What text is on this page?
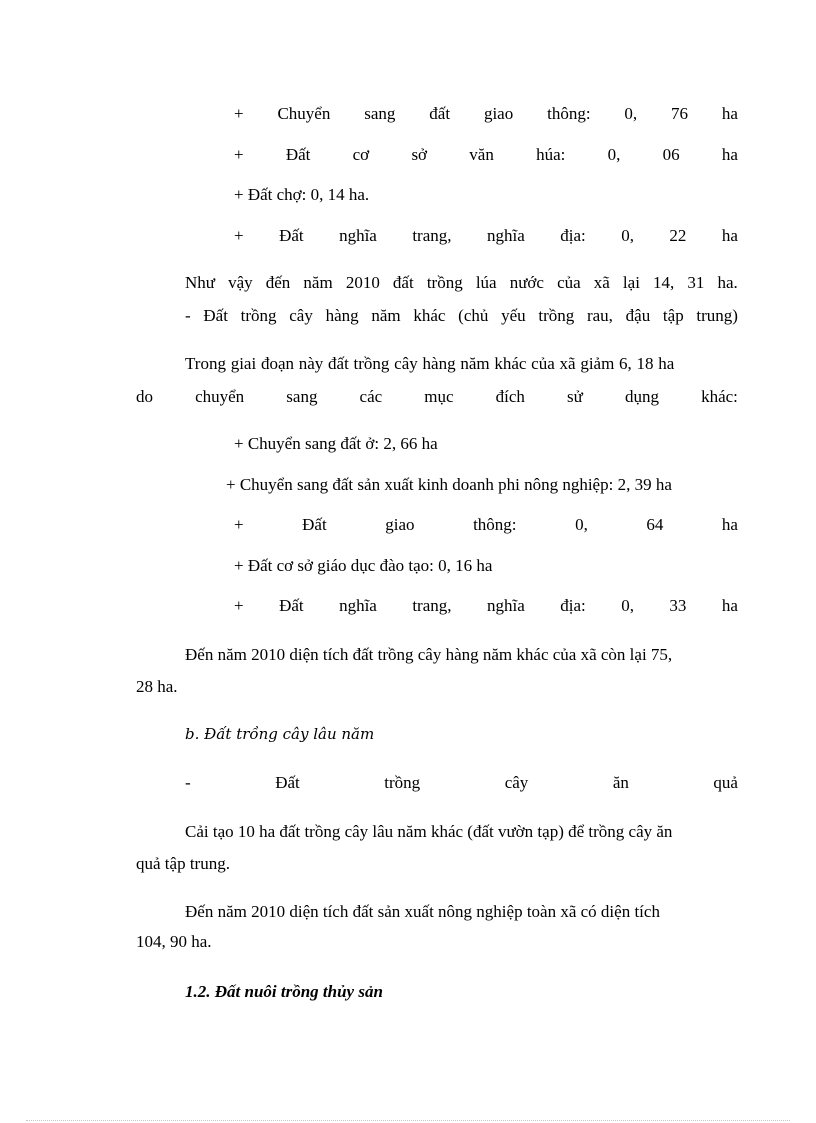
+ Chuyển sang đất giao thông: 0, 76 ha
+ Đất cơ sở văn húa: 0, 06 ha
+ Đất chợ: 0, 14 ha.
+ Đất nghĩa trang, nghĩa địa: 0, 22 ha
Như vậy đến năm 2010 đất trồng lúa nước của xã lại 14, 31 ha.
- Đất trồng cây hàng năm khác (chủ yếu trồng rau, đậu tập trung)
Trong giai đoạn này đất trồng cây hàng năm khác của xã giảm 6, 18 ha
do chuyển sang các mục đích sử dụng khác:
+ Chuyển sang đất ở: 2, 66 ha
+ Chuyển sang đất sản xuất kinh doanh phi nông nghiệp: 2, 39 ha
+	Đất	giao	thông:	0,	64	ha
+ Đất cơ sở giáo dục đào tạo: 0, 16 ha
+ Đất nghĩa trang, nghĩa địa: 0, 33 ha
Đến năm 2010 diện tích đất trồng cây hàng năm khác của xã còn lại 75,
28 ha.
b. Đất trồng cây lâu năm
-	Đất	trồng	cây	ăn	quả
Cải tạo 10 ha đất trồng cây lâu năm khác (đất vườn tạp) để trồng cây ăn
quả tập trung.
Đến năm 2010 diện tích đất sản xuất nông nghiệp toàn xã có diện tích
104, 90 ha.
1.2. Đất nuôi trồng thủy sản
